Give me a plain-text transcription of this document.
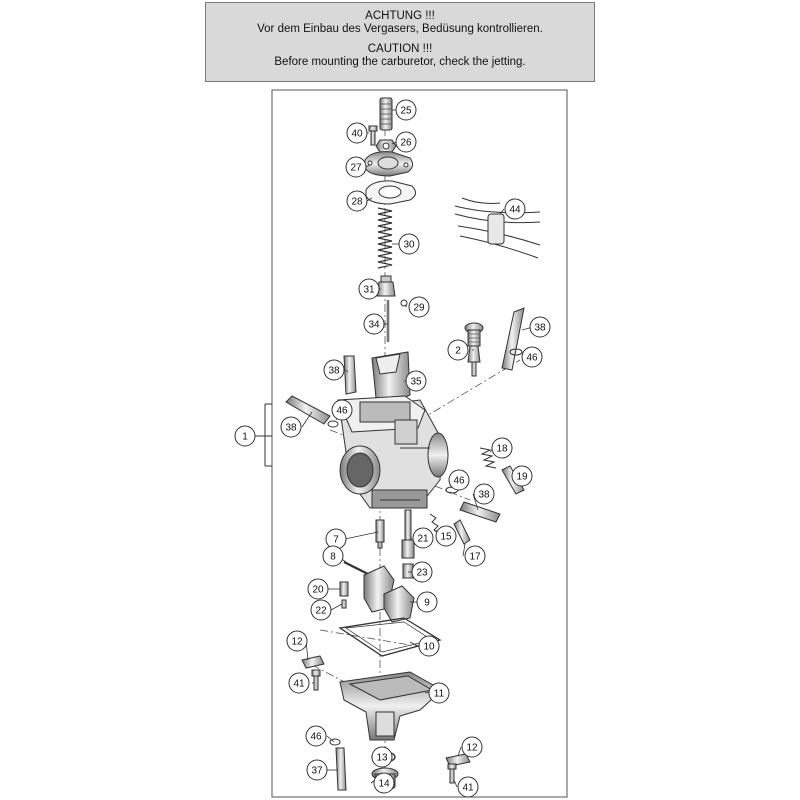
ACHTUNG !!!
Vor dem Einbau des Vergasers, Bedüsung kontrollieren.
CAUTION !!!
Before mounting the carburetor, check the jetting.
1
25
40
26
27
28
30
31
29
34
2
38
46
35
38
46
38
18
19
46
38
15
17
7	21
23
8
9
20
22
10
12
41
11
46
37
13
14
12
41
44
